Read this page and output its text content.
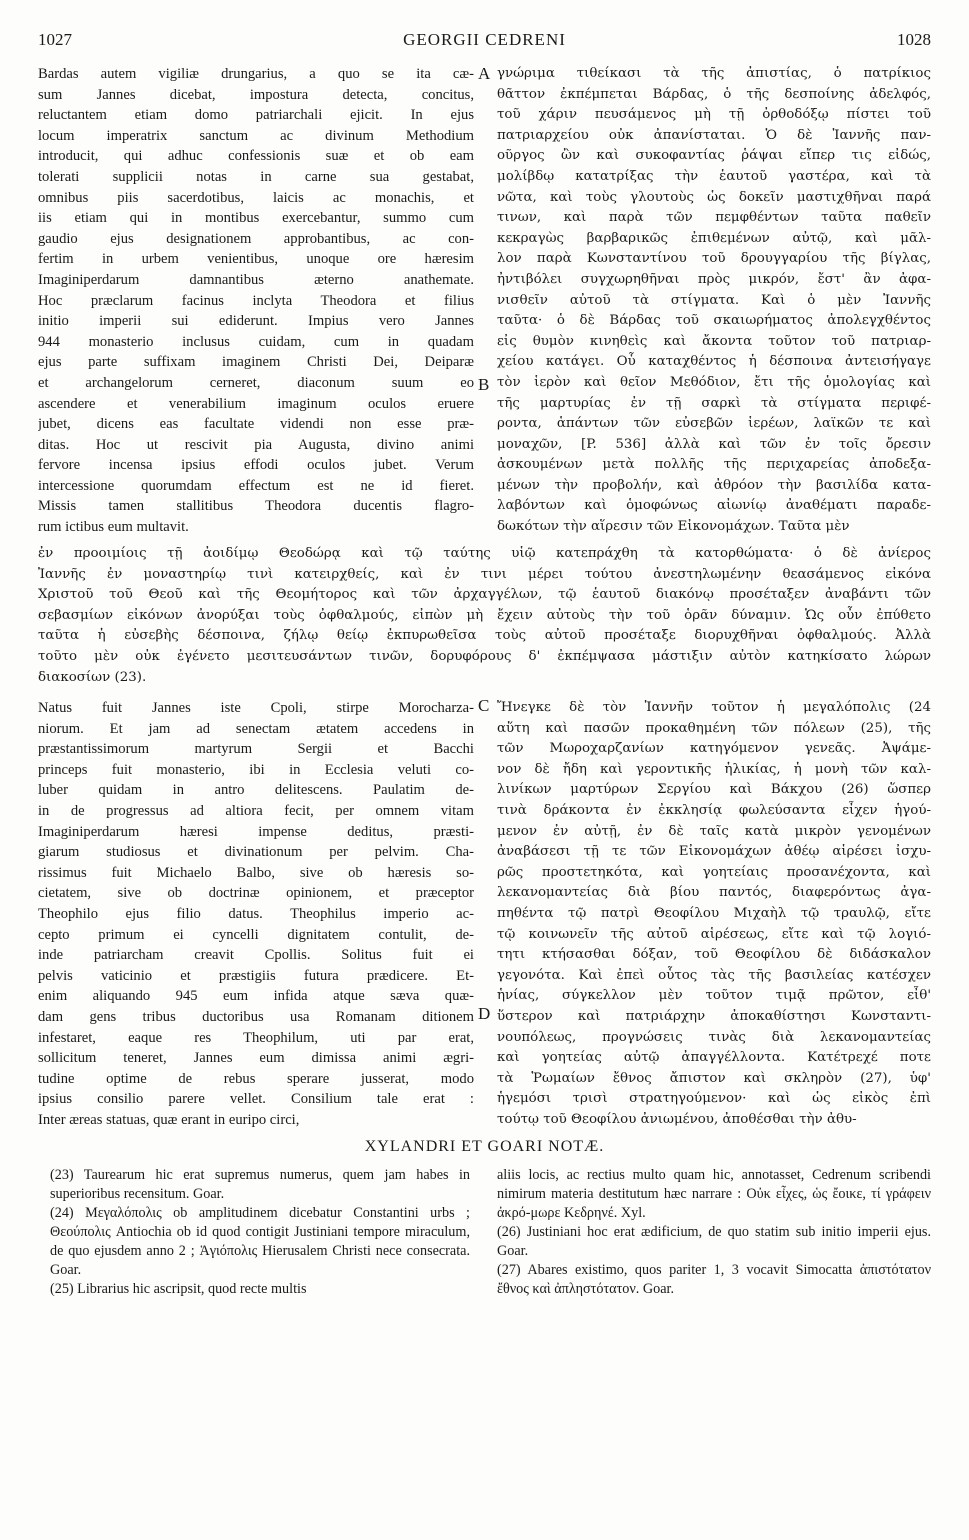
1027	GEORGII CEDRENI	1028
Bardas autem vigiliæ drungarius, a quo se ita cæ-
sum Jannes dicebat, impostura detecta, concitus,
reluctantem etiam domo patriarchali ejicit. In ejus
locum imperatrix sanctum ac divinum Methodium
introducit, qui adhuc confessionis suæ et ob eam
tolerati supplicii notas in carne sua gestabat,
omnibus piis sacerdotibus, laicis ac monachis, et
iis etiam qui in montibus exercebantur, summo cum
gaudio ejus designationem approbantibus, ac con-
fertim in urbem venientibus, unoque ore hæresim
Imaginiperdarum damnantibus æterno anathemate.
Hoc præclarum facinus inclyta Theodora et filius
initio imperii sui ediderunt. Impius vero Jannes
944 monasterio inclusus cuidam, cum in quadam
ejus parte suffixam imaginem Christi Dei, Deiparæ
et archangelorum cerneret, diaconum suum eo
ascendere et venerabilium imaginum oculos eruere
jubet, dicens eas facultate videndi non esse præ-
ditas. Hoc ut rescivit pia Augusta, divino animi
fervore incensa ipsius effodi oculos jubet. Verum
intercessione quorumdam effectum est ne id fieret.
Missis tamen stallitibus Theodora ducentis flagro-
rum ictibus eum multavit.
γνώριμα τιθείκασι τὰ τῆς ἀπιστίας, ὁ πατρίκιος
θᾶττον ἐκπέμπεται Βάρδας, ὁ τῆς δεσποίνης ἀδελφός,
τοῦ χάριν πευσάμενος μὴ τῇ ὀρθοδόξῳ πίστει τοῦ
πατριαρχείου οὐκ ἀπανίσταται. Ὁ δὲ Ἰαννῆς παν-
οῦργος ὢν καὶ συκοφαντίας ῥάψαι εἴπερ τις εἰδώς,
μολίβδῳ κατατρίξας τὴν ἑαυτοῦ γαστέρα, καὶ τὰ
νῶτα, καὶ τοὺς γλουτοὺς ὡς δοκεῖν μαστιχθῆναι παρά
τινων, καὶ παρὰ τῶν πεμφθέντων ταῦτα παθεῖν
κεκραγὼς βαρβαρικῶς ἐπιθεμένων αὐτῷ, καὶ μᾶλ-
λον παρὰ Κωνσταντίνου τοῦ δρουγγαρίου τῆς βίγλας,
ἠντιβόλει συγχωρηθῆναι πρὸς μικρόν, ἔστ' ἂν ἀφα-
νισθεῖν αὐτοῦ τὰ στίγματα. Καὶ ὁ μὲν Ἰαννῆς
ταῦτα· ὁ δὲ Βάρδας τοῦ σκαιωρήματος ἀπολεγχθέντος
εἰς θυμὸν κινηθεὶς καὶ ἄκοντα τοῦτον τοῦ πατριαρ-
χείου κατάγει. Οὗ καταχθέντος ἡ δέσποινα ἀντεισήγαγε
τὸν ἱερὸν καὶ θεῖον Μεθόδιον, ἔτι τῆς ὁμολογίας καὶ
τῆς μαρτυρίας ἐν τῇ σαρκὶ τὰ στίγματα περιφέ-
ροντα, ἁπάντων τῶν εὐσεβῶν ἱερέων, λαϊκῶν τε καὶ
μοναχῶν, [P. 536] ἀλλὰ καὶ τῶν ἐν τοῖς ὄρεσιν
ἀσκουμένων μετὰ πολλῆς τῆς περιχαρείας ἀποδεξα-
μένων τὴν προβολήν, καὶ ἀθρόον τὴν βασιλίδα κατα-
λαβόντων καὶ ὁμοφώνως αἰωνίῳ ἀναθέματι παραδε-
δωκότων τὴν αἵρεσιν τῶν Εἰκονομάχων. Ταῦτα μὲν
A
B
ἐν προοιμίοις τῇ ἀοιδίμῳ Θεοδώρᾳ καὶ τῷ ταύτης υἱῷ κατεπράχθη τὰ κατορθώματα· ὁ δὲ ἀνίερος
Ἰαννῆς ἐν μοναστηρίῳ τινὶ κατειρχθείς, καὶ ἐν τινι μέρει τούτου ἀνεστηλωμένην θεασάμενος εἰκόνα
Χριστοῦ τοῦ Θεοῦ καὶ τῆς Θεομήτορος καὶ τῶν ἀρχαγγέλων, τῷ ἑαυτοῦ διακόνῳ προσέταξεν ἀναβάντι τῶν
σεβασμίων εἰκόνων ἀνορύξαι τοὺς ὀφθαλμούς, εἰπὼν μὴ ἔχειν αὐτοὺς τὴν τοῦ ὁρᾶν δύναμιν. Ὡς οὖν ἐπύθετο
ταῦτα ἡ εὐσεβὴς δέσποινα, ζήλῳ θείῳ ἐκπυρωθεῖσα τοὺς αὐτοῦ προσέταξε διορυχθῆναι ὀφθαλμούς. Ἀλλὰ
τοῦτο μὲν οὐκ ἐγένετο μεσιτευσάντων τινῶν, δορυφόρους δ' ἐκπέμψασα μάστιξιν αὐτὸν κατηκίσατο λώρων
διακοσίων (23).
C
D
Natus fuit Jannes iste Cpoli, stirpe Morocharza-
niorum. Et jam ad senectam ætatem accedens in
præstantissimorum martyrum Sergii et Bacchi
princeps fuit monasterio, ibi in Ecclesia veluti co-
luber quidam in antro delitescens. Paulatim de-
in de progressus ad altiora fecit, per omnem vitam
Imaginiperdarum hæresi impense deditus, præsti-
giarum studiosus et divinationum per pelvim. Cha-
rissimus fuit Michaelo Balbo, sive ob hæresis so-
cietatem, sive ob doctrinæ opinionem, et præceptor
Theophilo ejus filio datus. Theophilus imperio ac-
cepto primum ei cyncelli dignitatem contulit, de-
inde patriarcham creavit Cpollis. Solitus fuit ei
pelvis vaticinio et præstigiis futura prædicere. Et-
enim aliquando 945 eum infida atque sæva quæ-
dam gens tribus ductoribus usa Romanam ditionem
infestaret, eaque res Theophilum, uti par erat,
sollicitum teneret, Jannes eum dimissa animi ægri-
tudine optime de rebus sperare jusserat, modo
ipsius consilio parere vellet. Consilium tale erat :
Inter æreas statuas, quæ erant in euripo circi,
Ἤνεγκε δὲ τὸν Ἰαννῆν τοῦτον ἡ μεγαλόπολις (24
αὕτη καὶ πασῶν προκαθημένη τῶν πόλεων (25), τῆς
τῶν Μωροχαρζανίων κατηγόμενον γενεᾶς. Ἀψάμε-
νον δὲ ἤδη καὶ γεροντικῆς ἡλικίας, ἡ μονὴ τῶν καλ-
λινίκων μαρτύρων Σεργίου καὶ Βάκχου (26) ὥσπερ
τινὰ δράκοντα ἐν ἐκκλησίᾳ φωλεύσαντα εἶχεν ἡγού-
μενον ἐν αὐτῇ, ἐν δὲ ταῖς κατὰ μικρὸν γενομένων
ἀναβάσεσι τῇ τε τῶν Εἰκονομάχων ἀθέῳ αἱρέσει ἰσχυ-
ρῶς προστετηκότα, καὶ γοητείαις προσανέχοντα, καὶ
λεκανομαντείας διὰ βίου παντός, διαφερόντως ἀγα-
πηθέντα τῷ πατρὶ Θεοφίλου Μιχαὴλ τῷ τραυλῷ, εἴτε
τῷ κοινωνεῖν τῆς αὐτοῦ αἱρέσεως, εἴτε καὶ τῷ λογιό-
τητι κτήσασθαι δόξαν, τοῦ Θεοφίλου δὲ διδάσκαλον
γεγονότα. Καὶ ἐπεὶ οὗτος τὰς τῆς βασιλείας κατέσχεν
ἡνίας, σύγκελλον μὲν τοῦτον τιμᾷ πρῶτον, εἶθ'
ὕστερον καὶ πατριάρχην ἀποκαθίστησι Κωνσταντι-
νουπόλεως, προγνώσεις τινὰς διὰ λεκανομαντείας
καὶ γοητείας αὐτῷ ἀπαγγέλλοντα. Κατέτρεχέ ποτε
τὰ Ῥωμαίων ἔθνος ἄπιστον καὶ σκληρὸν (27), ὑφ'
ἡγεμόσι τρισὶ στρατηγούμενον· καὶ ὡς εἰκὸς ἐπὶ
τούτῳ τοῦ Θεοφίλου ἀνιωμένου, ἀποθέσθαι τὴν ἀθυ-
XYLANDRI ET GOARI NOTÆ.

(23) Taurearum hic erat supremus numerus, quem jam habes in superioribus recensitum. Goar.

(24) Μεγαλόπολις ob amplitudinem dicebatur Constantini urbs ; Θεούπολις Antiochia ob id quod contigit Justiniani tempore miraculum, de quo ejusdem anno 2 ; Ἁγιόπολις Hierusalem Christi nece consecrata. Goar.

(25) Librarius hic ascripsit, quod recte multis

aliis locis, ac rectius multo quam hic, annotasset, Cedrenum scribendi nimirum materia destitutum hæc narrare : Οὐκ εἶχες, ὡς ἔοικε, τί γράφειν ἀκρό-μωρε Κεδρηνέ. Xyl.

(26) Justiniani hoc erat ædificium, de quo statim sub initio imperii ejus. Goar.

(27) Abares existimo, quos pariter 1, 3 vocavit Simocatta ἀπιστότατον ἔθνος καὶ ἀπληστότατον. Goar.
